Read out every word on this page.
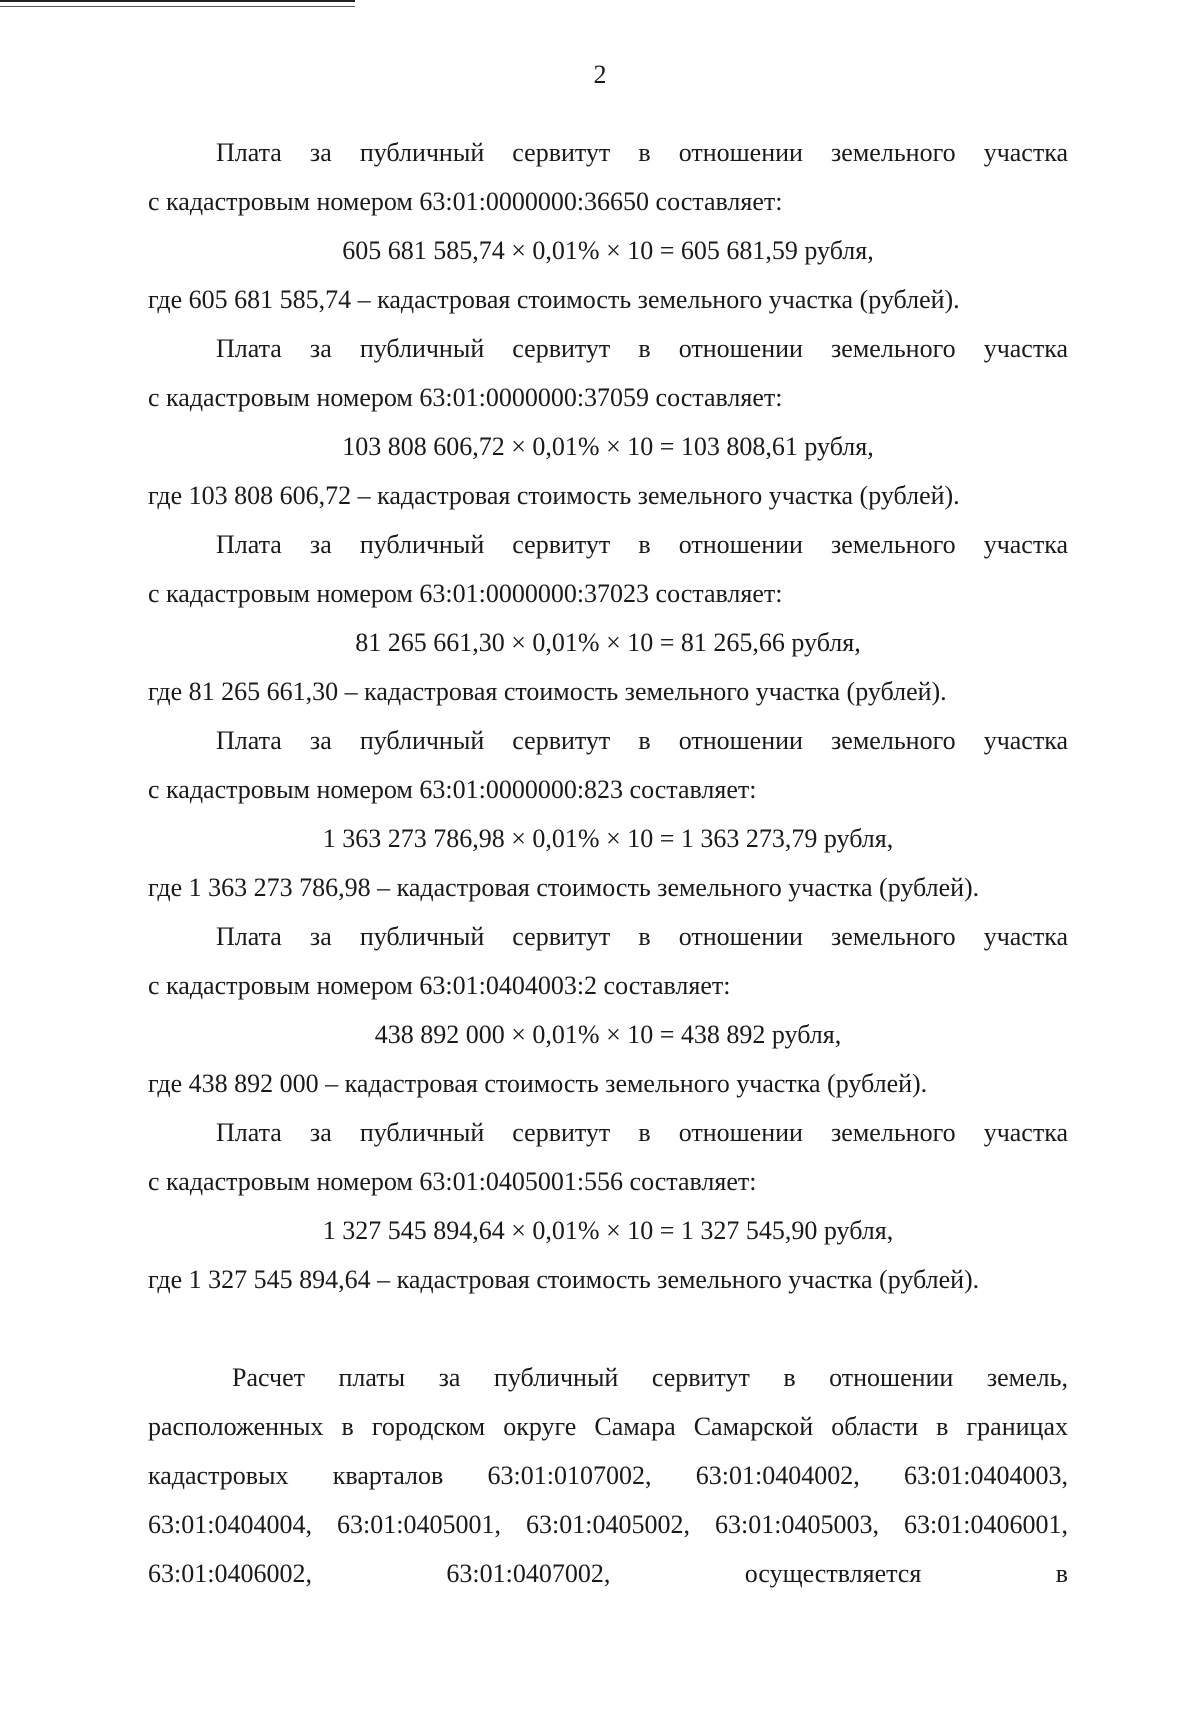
2
Плата за публичный сервитут в отношении земельного участка
с кадастровым номером 63:01:0000000:36650 составляет:
605 681 585,74 × 0,01% × 10 = 605 681,59 рубля,
где 605 681 585,74 – кадастровая стоимость земельного участка (рублей).
Плата за публичный сервитут в отношении земельного участка
с кадастровым номером 63:01:0000000:37059 составляет:
103 808 606,72 × 0,01% × 10 = 103 808,61 рубля,
где 103 808 606,72 – кадастровая стоимость земельного участка (рублей).
Плата за публичный сервитут в отношении земельного участка
с кадастровым номером 63:01:0000000:37023 составляет:
81 265 661,30 × 0,01% × 10 = 81 265,66 рубля,
где 81 265 661,30 – кадастровая стоимость земельного участка (рублей).
Плата за публичный сервитут в отношении земельного участка
с кадастровым номером 63:01:0000000:823 составляет:
1 363 273 786,98 × 0,01% × 10 = 1 363 273,79 рубля,
где 1 363 273 786,98 – кадастровая стоимость земельного участка (рублей).
Плата за публичный сервитут в отношении земельного участка
с кадастровым номером 63:01:0404003:2 составляет:
438 892 000 × 0,01% × 10 = 438 892 рубля,
где 438 892 000 – кадастровая стоимость земельного участка (рублей).
Плата за публичный сервитут в отношении земельного участка
с кадастровым номером 63:01:0405001:556 составляет:
1 327 545 894,64 × 0,01% × 10 = 1 327 545,90 рубля,
где 1 327 545 894,64 – кадастровая стоимость земельного участка (рублей).
Расчет платы за публичный сервитут в отношении земель, расположенных в городском округе Самара Самарской области в границах кадастровых кварталов 63:01:0107002, 63:01:0404002, 63:01:0404003, 63:01:0404004, 63:01:0405001, 63:01:0405002, 63:01:0405003, 63:01:0406001, 63:01:0406002, 63:01:0407002, осуществляется в
